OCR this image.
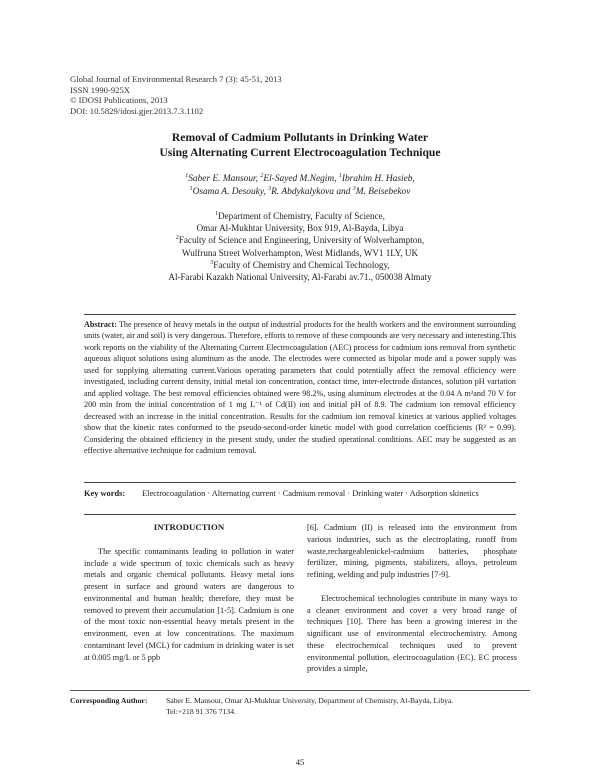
Global Journal of Environmental Research 7 (3): 45-51, 2013
ISSN 1990-925X
© IDOSI Publications, 2013
DOI: 10.5829/idosi.gjer.2013.7.3.1102
Removal of Cadmium Pollutants in Drinking Water
Using Alternating Current Electrocoagulation Technique
$^1$Saber E. Mansour, $^2$El-Sayed M.Negim, $^1$Ibrahim H. Hasieb,
$^1$Osama A. Desouky, $^3$R. Abdykalykova and $^3$M. Beisebekov
$^1$Department of Chemistry, Faculty of Science,
Omar Al-Mukhtar University, Box 919, Al-Bayda, Libya
$^2$Faculty of Science and Engineering, University of Wolverhampton,
Wulfruna Street Wolverhampton, West Midlands, WV1 1LY, UK
$^3$Faculty of Chemistry and Chemical Technology,
Al-Farabi Kazakh National University, Al-Farabi av.71., 050038 Almaty
Abstract: The presence of heavy metals in the output of industrial products for the health workers and the environment surrounding units (water, air and soil) is very dangerous. Therefore, efforts to remove of these compounds are very necessary and interesting.This work reports on the viability of the Alternating Current Electrocoagulation (AEC) process for cadmium ions removal from synthetic aqueous aliquot solutions using aluminum as the anode. The electrodes were connected as bipolar mode and a power supply was used for supplying alternating current.Various operating parameters that could potentially affect the removal efficiency were investigated, including current density, initial metal ion concentration, contact time, inter-electrode distances, solution pH variation and applied voltage. The best removal efficiencies obtained were 98.2%, using aluminum electrodes at the 0.04 A m²and 70 V for 200 min from the initial concentration of 1 mg L⁻¹ of Cd(II) ion and initial pH of 8.9. The cadmium ion removal efficiency decreased with an increase in the initial concentration. Results for the cadmium ion removal kinetics at various applied voltages show that the kinetic rates conformed to the pseudo-second-order kinetic model with good correlation coefficients (R² = 0.99). Considering the obtained efficiency in the present study, under the studied operational conditions. AEC may be suggested as an effective alternative technique for cadmium removal.
Key words: Electrocoagulation · Alternating current · Cadmium removal · Drinking water · Adsorption skinetics
INTRODUCTION

The specific contaminants leading to pollution in water include a wide spectrum of toxic chemicals such as heavy metals and organic chemical pollutants. Heavy metal ions present in surface and ground waters are dangerous to environmental and human health; therefore, they must be removed to prevent their accumulation [1-5]. Cadmium is one of the most toxic non-essential heavy metals present in the environment, even at low concentrations. The maximum contaminant level (MCL) for cadmium in drinking water is set at 0.005 mg/L or 5 ppb

[6]. Cadmium (II) is released into the environment from various industries, such as the electroplating, runoff from waste,rechargeablenickel-cadmium batteries, phosphate fertilizer, mining, pigments, stabilizers, alloys, petroleum refining, welding and pulp industries [7-9].

Electrochemical technologies contribute in many ways to a cleaner environment and cover a very broad range of techniques [10]. There has been a growing interest in the significant use of environmental electrochemistry. Among these electrochemical techniques used to prevent environmental pollution, electrocoagulation (EC). EC process provides a simple,

Corresponding Author: Saber E. Mansour, Omar Al-Mukhtar University, Department of Chemistry, Al-Bayda, Libya.
Tel:+218 91 376 7134.
45
